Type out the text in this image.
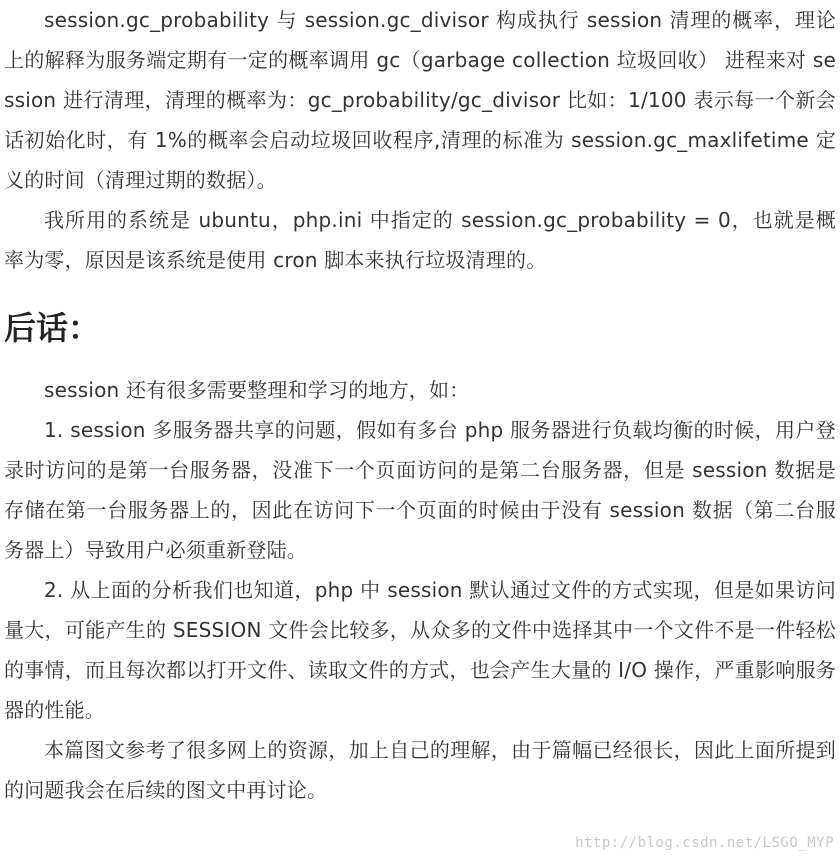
session.gc_probability 与 session.gc_divisor 构成执行 session 清理的概率，理论上的解释为服务端定期有一定的概率调用 gc（garbage collection 垃圾回收） 进程来对 session 进行清理，清理的概率为：gc_probability/gc_divisor 比如：1/100 表示每一个新会话初始化时，有 1%的概率会启动垃圾回收程序,清理的标准为 session.gc_maxlifetime 定义的时间（清理过期的数据）。

我所用的系统是 ubuntu，php.ini 中指定的 session.gc_probability = 0，也就是概率为零，原因是该系统是使用 cron 脚本来执行垃圾清理的。

后话：

session 还有很多需要整理和学习的地方，如：

1. session 多服务器共享的问题，假如有多台 php 服务器进行负载均衡的时候，用户登录时访问的是第一台服务器，没准下一个页面访问的是第二台服务器，但是 session 数据是存储在第一台服务器上的，因此在访问下一个页面的时候由于没有 session 数据（第二台服务器上）导致用户必须重新登陆。

2. 从上面的分析我们也知道，php 中 session 默认通过文件的方式实现，但是如果访问量大，可能产生的 SESSION 文件会比较多，从众多的文件中选择其中一个文件不是一件轻松的事情，而且每次都以打开文件、读取文件的方式，也会产生大量的 I/O 操作，严重影响服务器的性能。

本篇图文参考了很多网上的资源，加上自己的理解，由于篇幅已经很长，因此上面所提到的问题我会在后续的图文中再讨论。

http://blog.csdn.net/LSGO_MYP
